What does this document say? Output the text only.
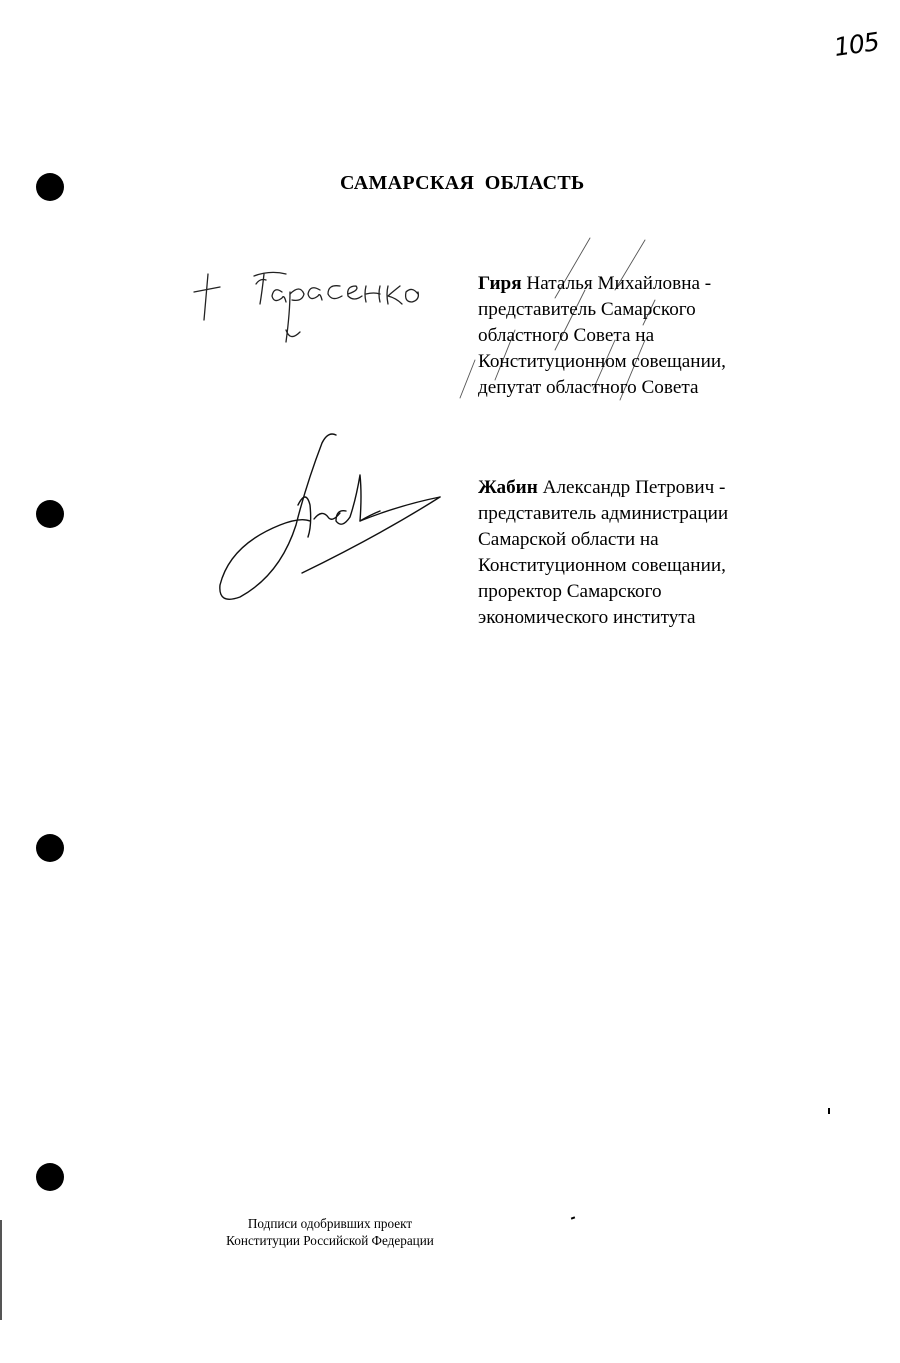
105
САМАРСКАЯ  ОБЛАСТЬ
Гиря Наталья Михайловна -
представитель Самарского
областного Совета на
Конституционном совещании,
депутат областного Совета
Жабин Александр Петрович -
представитель администрации
Самарской области на
Конституционном совещании,
проректор Самарского
экономического института
Подписи одобривших проект
Конституции Российской Федерации
